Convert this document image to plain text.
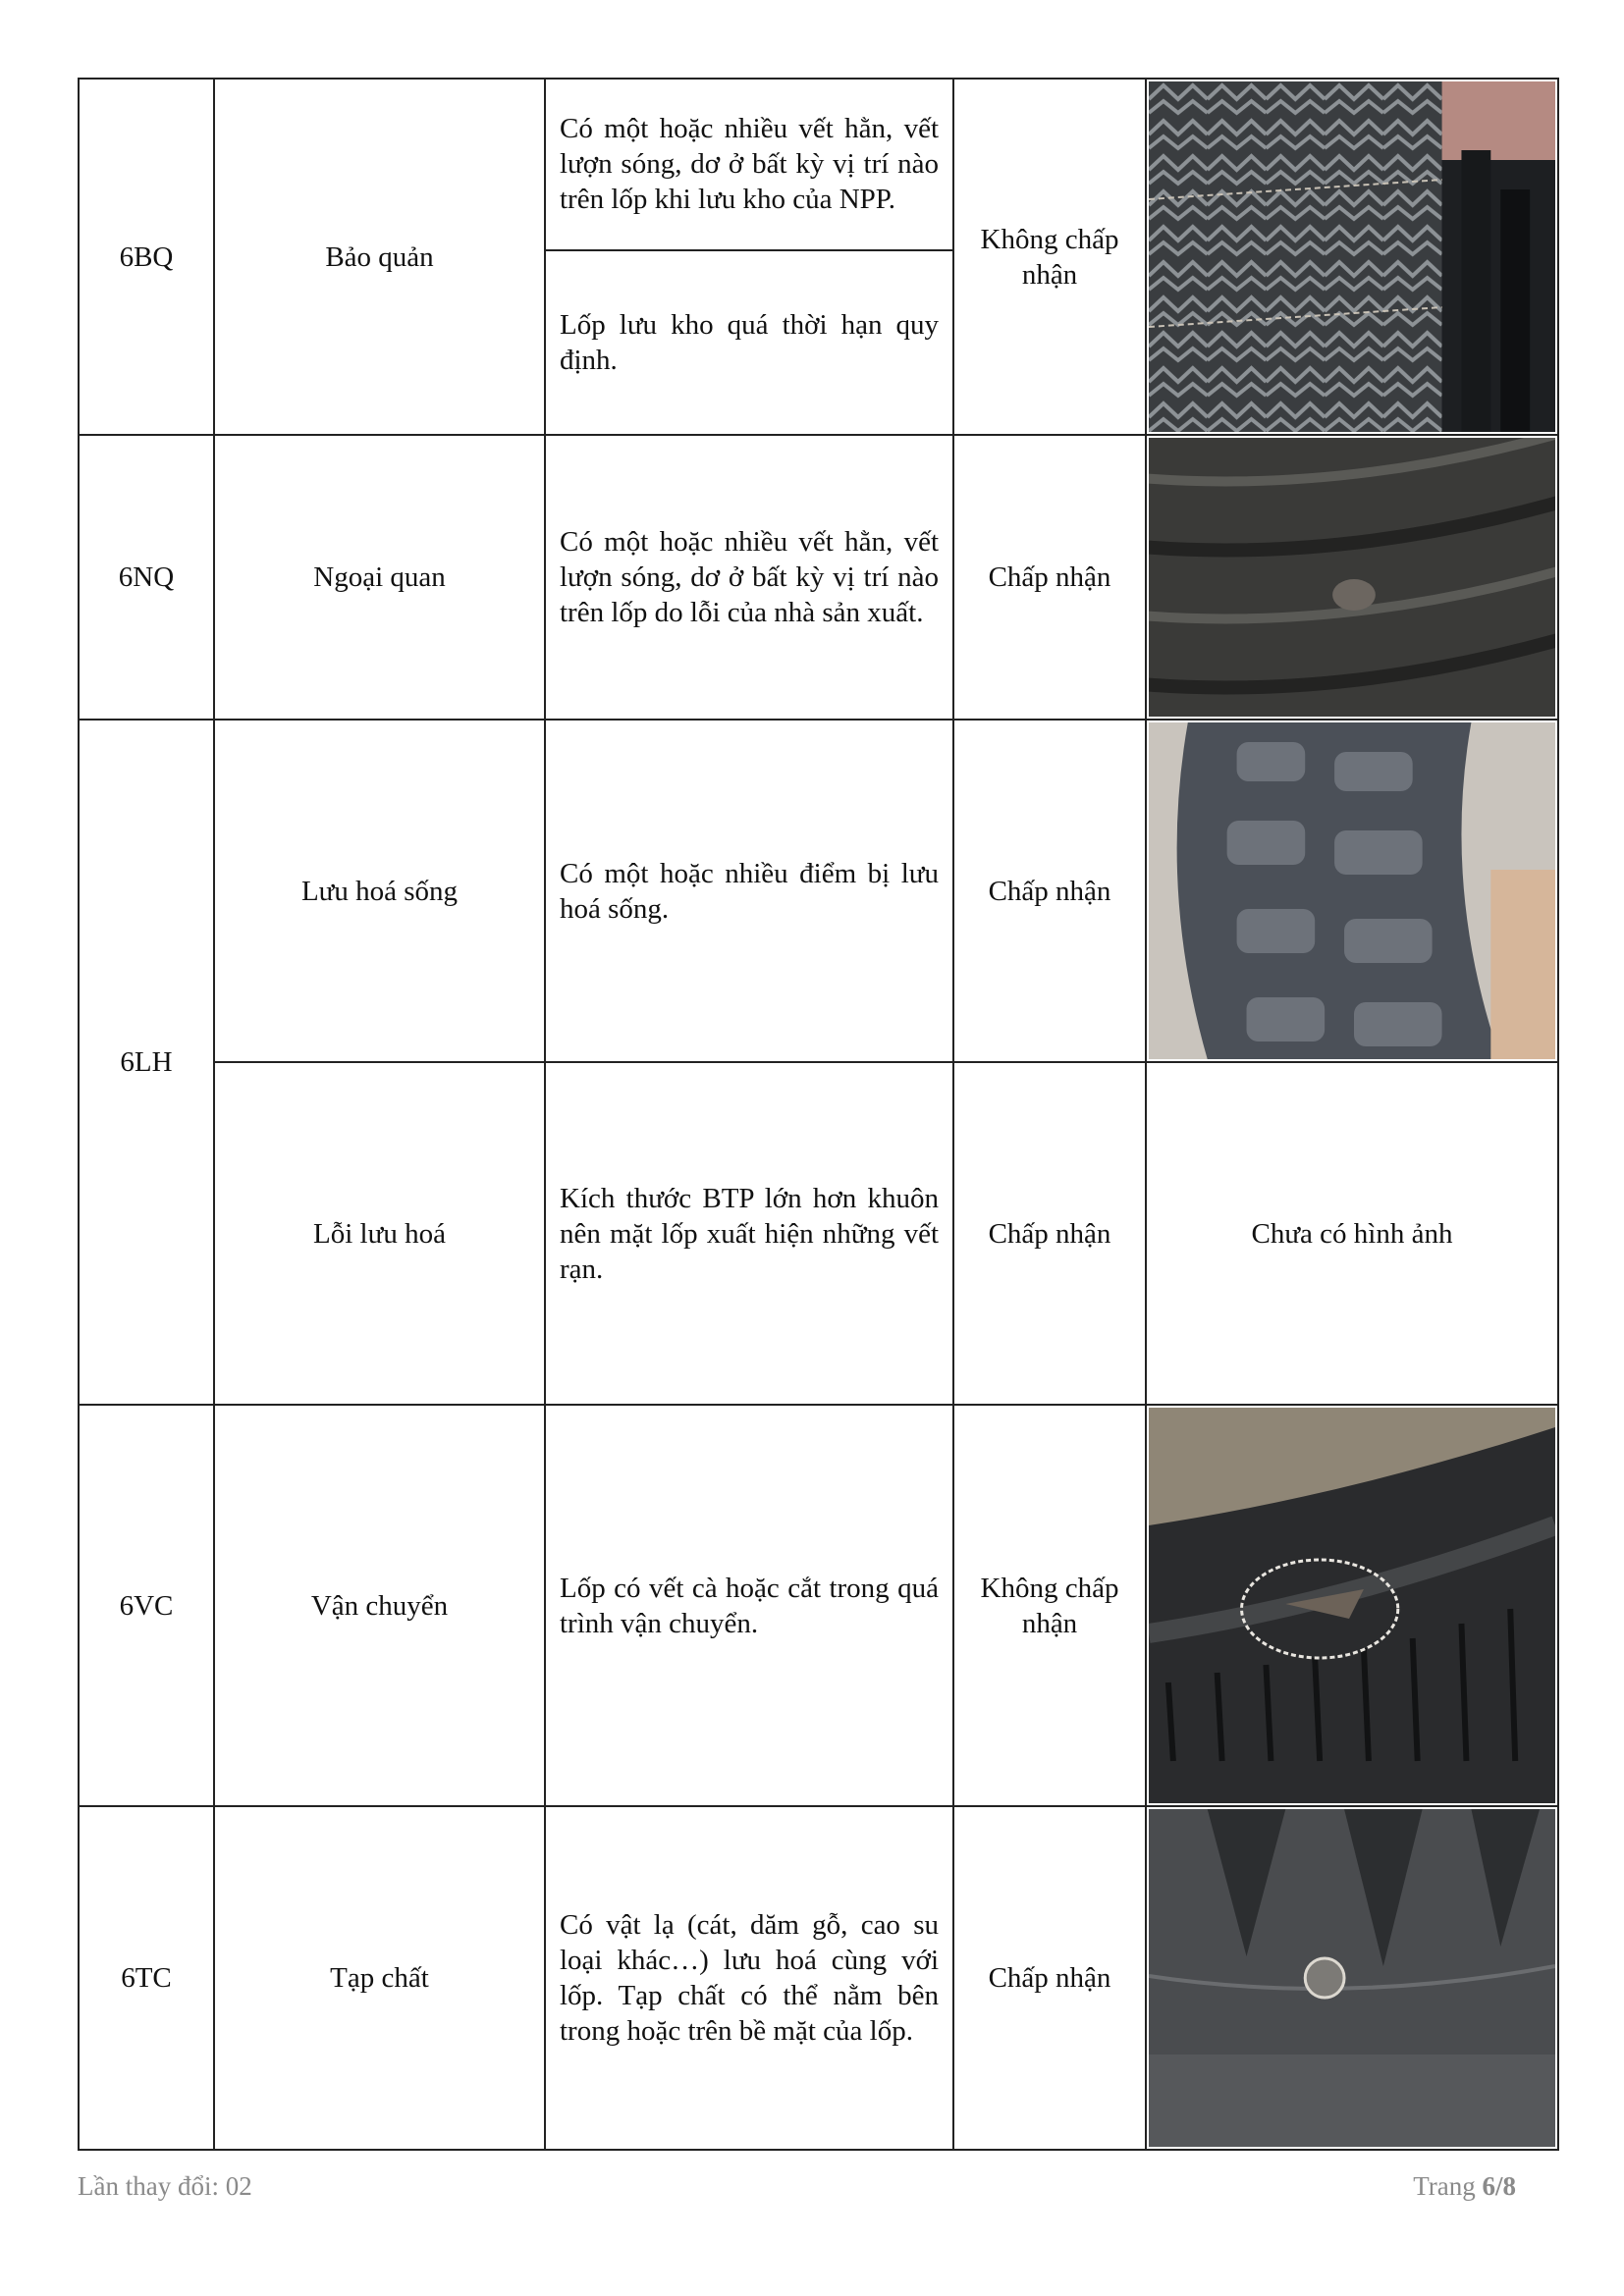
6BQ	Bảo quản	Có một hoặc nhiều vết hằn, vết lượn sóng, dơ ở bất kỳ vị trí nào trên lốp khi lưu kho của NPP.	Không chấp nhận	

		Lốp lưu kho quá thời hạn quy định.		
6NQ	Ngoại quan	Có một hoặc nhiều vết hằn, vết lượn sóng, dơ ở bất kỳ vị trí nào trên lốp do lỗi của nhà sản xuất.	Chấp nhận	

6LH	Lưu hoá sống	Có một hoặc nhiều điểm bị lưu hoá sống.	Chấp nhận	

	Lỗi lưu hoá	Kích thước BTP lớn hơn khuôn nên mặt lốp xuất hiện những vết rạn.	Chấp nhận	Chưa có hình ảnh
6VC	Vận chuyển	Lốp có vết cà hoặc cắt trong quá trình vận chuyển.	Không chấp nhận	

6TC	Tạp chất	Có vật lạ (cát, dăm gỗ, cao su loại khác…) lưu hoá cùng với lốp. Tạp chất có thể nằm bên trong hoặc trên bề mặt của lốp.	Chấp nhận	
Lần thay đổi: 02	Trang 6/8
